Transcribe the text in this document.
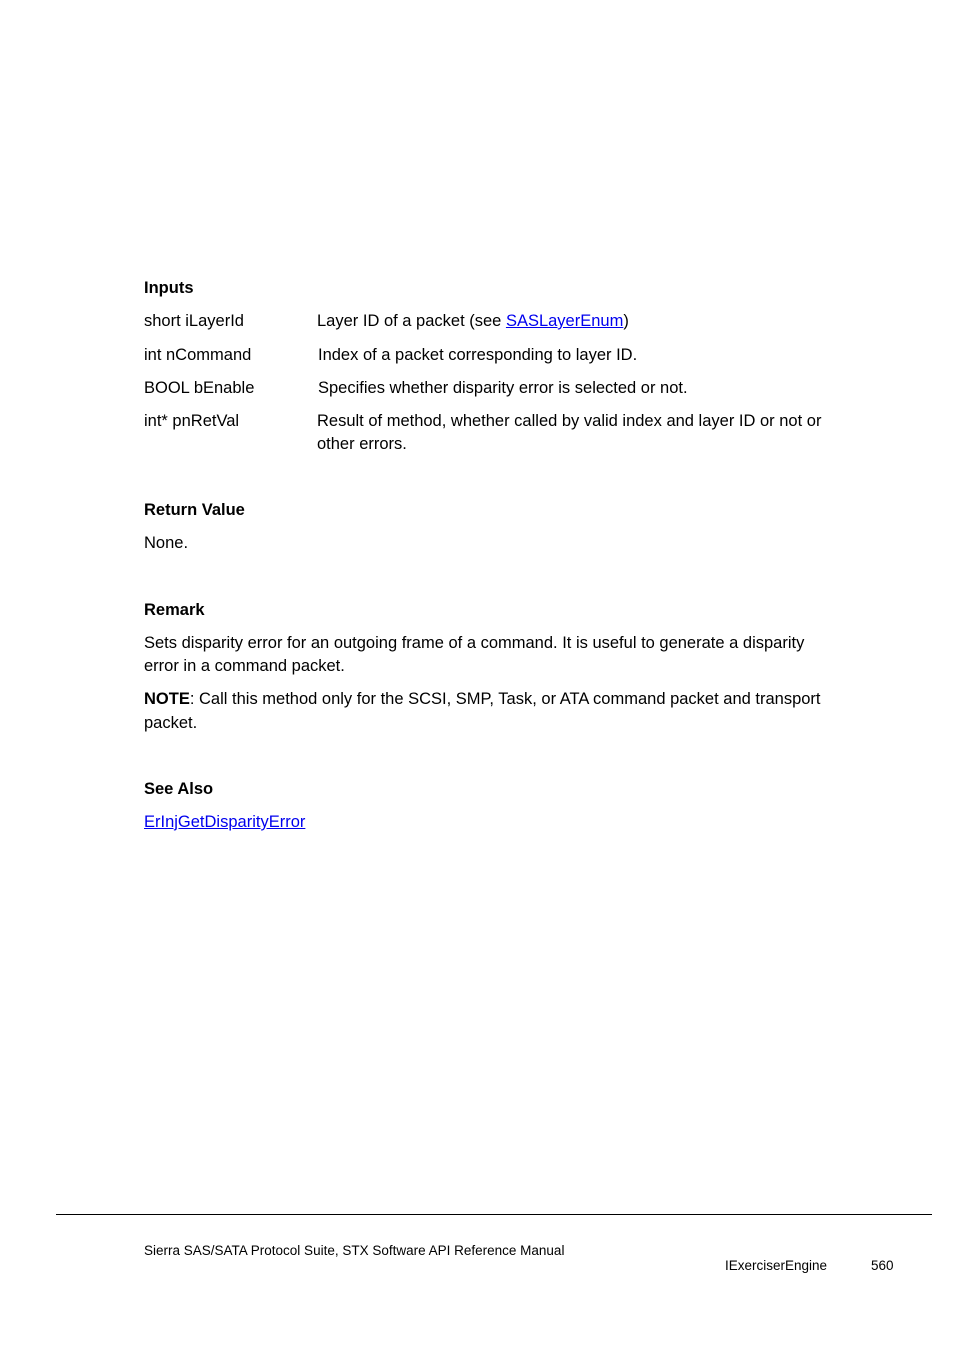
Inputs
short iLayerId	Layer ID of a packet (see SASLayerEnum)
int nCommand	Index of a packet corresponding to layer ID.
BOOL bEnable	Specifies whether disparity error is selected or not.
int* pnRetVal	Result of method, whether called by valid index and layer ID or not or
other errors.
Return Value
None.
Remark
Sets disparity error for an outgoing frame of a command. It is useful to generate a disparity
error in a command packet.
NOTE: Call this method only for the SCSI, SMP, Task, or ATA command packet and transport
packet.
See Also
ErInjGetDisparityError
Sierra SAS/SATA Protocol Suite, STX Software API Reference Manual
IExerciserEngine	560
